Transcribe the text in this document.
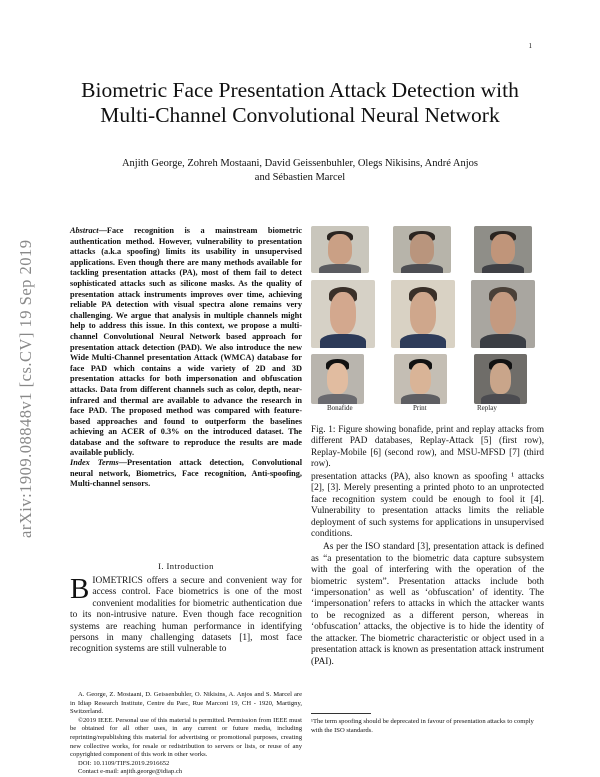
1
Biometric Face Presentation Attack Detection with Multi-Channel Convolutional Neural Network
Anjith George, Zohreh Mostaani, David Geissenbuhler, Olegs Nikisins, André Anjos
and Sébastien Marcel
arXiv:1909.08848v1 [cs.CV] 19 Sep 2019
Abstract—Face recognition is a mainstream biometric authentication method. However, vulnerability to presentation attacks (a.k.a spoofing) limits its usability in unsupervised applications. Even though there are many methods available for tackling presentation attacks (PA), most of them fail to detect sophisticated attacks such as silicone masks. As the quality of presentation attack instruments improves over time, achieving reliable PA detection with visual spectra alone remains very challenging. We argue that analysis in multiple channels might help to address this issue. In this context, we propose a multi-channel Convolutional Neural Network based approach for presentation attack detection (PAD). We also introduce the new Wide Multi-Channel presentation Attack (WMCA) database for face PAD which contains a wide variety of 2D and 3D presentation attacks for both impersonation and obfuscation attacks. Data from different channels such as color, depth, near-infrared and thermal are available to advance the research in face PAD. The proposed method was compared with feature-based approaches and found to outperform the baselines achieving an ACER of 0.3% on the introduced dataset. The database and the software to reproduce the results are made available publicly.
Index Terms—Presentation attack detection, Convolutional neural network, Biometrics, Face recognition, Anti-spoofing, Multi-channel sensors.
I. Introduction
BIOMETRICS offers a secure and convenient way for access control. Face biometrics is one of the most convenient modalities for biometric authentication due to its non-intrusive nature. Even though face recognition systems are reaching human performance in identifying persons in many challenging datasets [1], most face recognition systems are still vulnerable to
A. George, Z. Mostaani, D. Geissenbuhler, O. Nikisins, A. Anjos and S. Marcel are in Idiap Research Institute, Centre du Parc, Rue Marconi 19, CH - 1920, Martigny, Switzerland.
©2019 IEEE. Personal use of this material is permitted. Permission from IEEE must be obtained for all other uses, in any current or future media, including reprinting/republishing this material for advertising or promotional purposes, creating new collective works, for resale or redistribution to servers or lists, or reuse of any copyrighted component of this work in other works.
DOI: 10.1109/TIFS.2019.2916652
Contact e-mail: anjith.george@idiap.ch
Bonafide	Print	Replay
Fig. 1: Figure showing bonafide, print and replay attacks from different PAD databases, Replay-Attack [5] (first row), Replay-Mobile [6] (second row), and MSU-MFSD [7] (third row).

presentation attacks (PA), also known as spoofing ¹ attacks [2], [3]. Merely presenting a printed photo to an unprotected face recognition system could be enough to fool it [4]. Vulnerability to presentation attacks limits the reliable deployment of such systems for applications in unsupervised conditions.

As per the ISO standard [3], presentation attack is defined as “a presentation to the biometric data capture subsystem with the goal of interfering with the operation of the biometric system”. Presentation attacks include both ‘impersonation’ as well as ‘obfuscation’ of identity. The ‘impersonation’ refers to attacks in which the attacker wants to be recognized as a different person, whereas in ‘obfuscation’ attacks, the objective is to hide the identity of the attacker. The biometric characteristic or object used in a presentation attack is known as presentation attack instrument (PAI).

¹The term spoofing should be deprecated in favour of presentation attacks to comply with the ISO standards.
